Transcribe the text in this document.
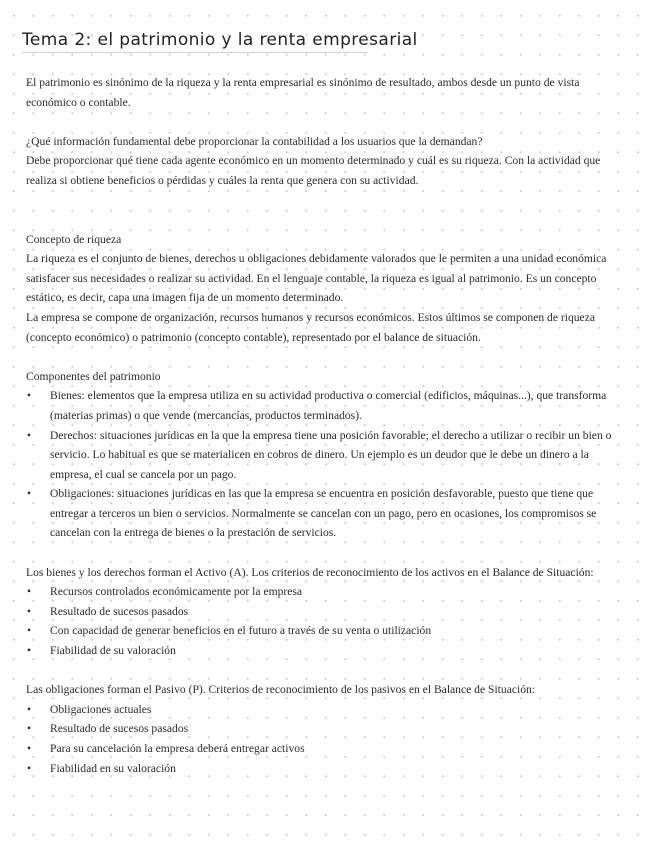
Tema 2: el patrimonio y la renta empresarial

El patrimonio es sinónimo de la riqueza y la renta empresarial es sinónimo de resultado, ambos desde un punto de vista económico o contable.

¿Qué información fundamental debe proporcionar la contabilidad a los usuarios que la demandan?

Debe proporcionar qué tiene cada agente económico en un momento determinado y cuál es su riqueza. Con la actividad que realiza si obtiene beneficios o pérdidas y cuáles la renta que genera con su actividad.

Concepto de riqueza

La riqueza es el conjunto de bienes, derechos u obligaciones debidamente valorados que le permiten a una unidad económica satisfacer sus necesidades o realizar su actividad. En el lenguaje contable, la riqueza es igual al patrimonio. Es un concepto estático, es decir, capa una imagen fija de un momento determinado.

La empresa se compone de organización, recursos humanos y recursos económicos. Estos últimos se componen de riqueza (concepto económico) o patrimonio (concepto contable), representado por el balance de situación.

Componentes del patrimonio

• Bienes: elementos que la empresa utiliza en su actividad productiva o comercial (edificios, máquinas...), que transforma (materias primas) o que vende (mercancías, productos terminados).
• Derechos: situaciones jurídicas en la que la empresa tiene una posición favorable; el derecho a utilizar o recibir un bien o servicio. Lo habitual es que se materialicen en cobros de dinero. Un ejemplo es un deudor que le debe un dinero a la empresa, el cual se cancela por un pago.
• Obligaciones: situaciones jurídicas en las que la empresa se encuentra en posición desfavorable, puesto que tiene que entregar a terceros un bien o servicios. Normalmente se cancelan con un pago, pero en ocasiones, los compromisos se cancelan con la entrega de bienes o la prestación de servicios.

Los bienes y los derechos forman el Activo (A). Los criterios de reconocimiento de los activos en el Balance de Situación:

• Recursos controlados económicamente por la empresa
• Resultado de sucesos pasados
• Con capacidad de generar beneficios en el futuro a través de su venta o utilización
• Fiabilidad de su valoración

Las obligaciones forman el Pasivo (P). Criterios de reconocimiento de los pasivos en el Balance de Situación:

• Obligaciones actuales
• Resultado de sucesos pasados
• Para su cancelación la empresa deberá entregar activos
• Fiabilidad en su valoración
